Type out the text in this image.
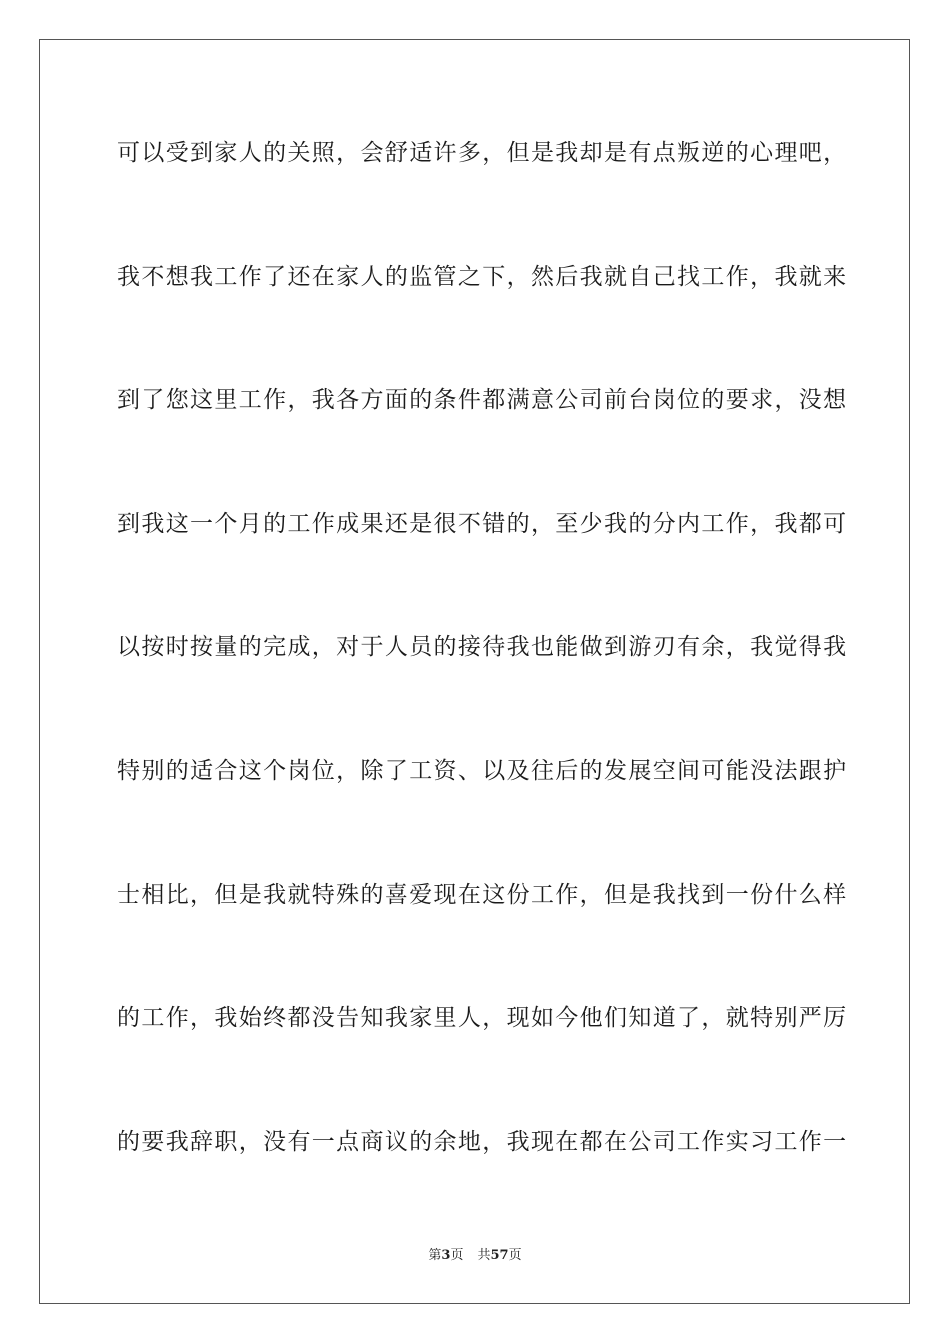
可以受到家人的关照，会舒适许多，但是我却是有点叛逆的心理吧，
我不想我工作了还在家人的监管之下，然后我就自己找工作，我就来
到了您这里工作，我各方面的条件都满意公司前台岗位的要求，没想
到我这一个月的工作成果还是很不错的，至少我的分内工作，我都可
以按时按量的完成，对于人员的接待我也能做到游刃有余，我觉得我
特别的适合这个岗位，除了工资、以及往后的发展空间可能没法跟护
士相比，但是我就特殊的喜爱现在这份工作，但是我找到一份什么样
的工作，我始终都没告知我家里人，现如今他们知道了，就特别严厉
的要我辞职，没有一点商议的余地，我现在都在公司工作实习工作一
第3页 共57页
